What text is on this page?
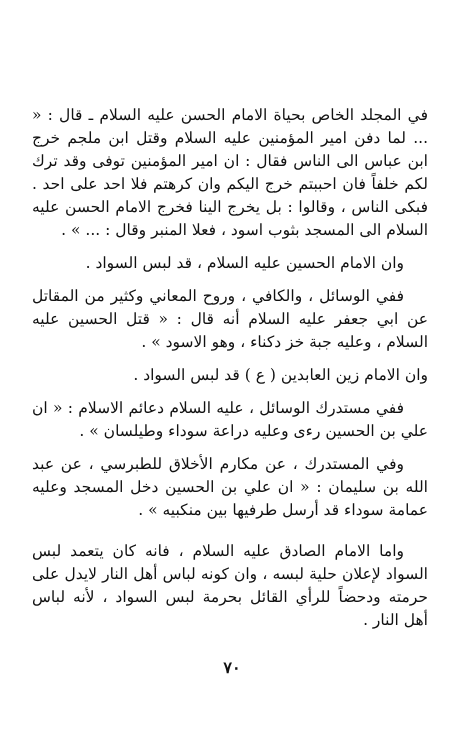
في المجلد الخاص بحياة الامام الحسن عليه السلام ـ قال : « ... لما دفن امير المؤمنين عليه السلام وقتل ابن ملجم خرج ابن عباس الى الناس فقال : ان امير المؤمنين توفى وقد ترك لكم خلفاً فان احببتم خرج اليكم وان كرهتم فلا احد على احد . فبكى الناس ، وقالوا : بل يخرج الينا فخرج الامام الحسن عليه السلام الى المسجد بثوب اسود ، فعلا المنبر وقال : ... » .

وان الامام الحسين عليه السلام ، قد لبس السواد .

ففي الوسائل ، والكافي ، وروح المعاني وكثير من المقاتل عن ابي جعفر عليه السلام أنه قال : « قتل الحسين عليه السلام ، وعليه جبة خز دكناء ، وهو الاسود » .

وان الامام زين العابدين ( ع ) قد لبس السواد .

ففي مستدرك الوسائل ، عليه السلام دعائم الاسلام : « ان علي بن الحسين رءى وعليه دراعة سوداء وطيلسان » .

وفي المستدرك ، عن مكارم الأخلاق للطبرسي ، عن عبد الله بن سليمان : « ان علي بن الحسين دخل المسجد وعليه عمامة سوداء قد أرسل طرفيها بين منكبيه » .

واما الامام الصادق عليه السلام ، فانه كان يتعمد لبس السواد لإعلان حلية لبسه ، وان كونه لباس أهل النار لايدل على حرمته ودحضاً للرأي القائل بحرمة لبس السواد ، لأنه لباس أهل النار .

٧٠
